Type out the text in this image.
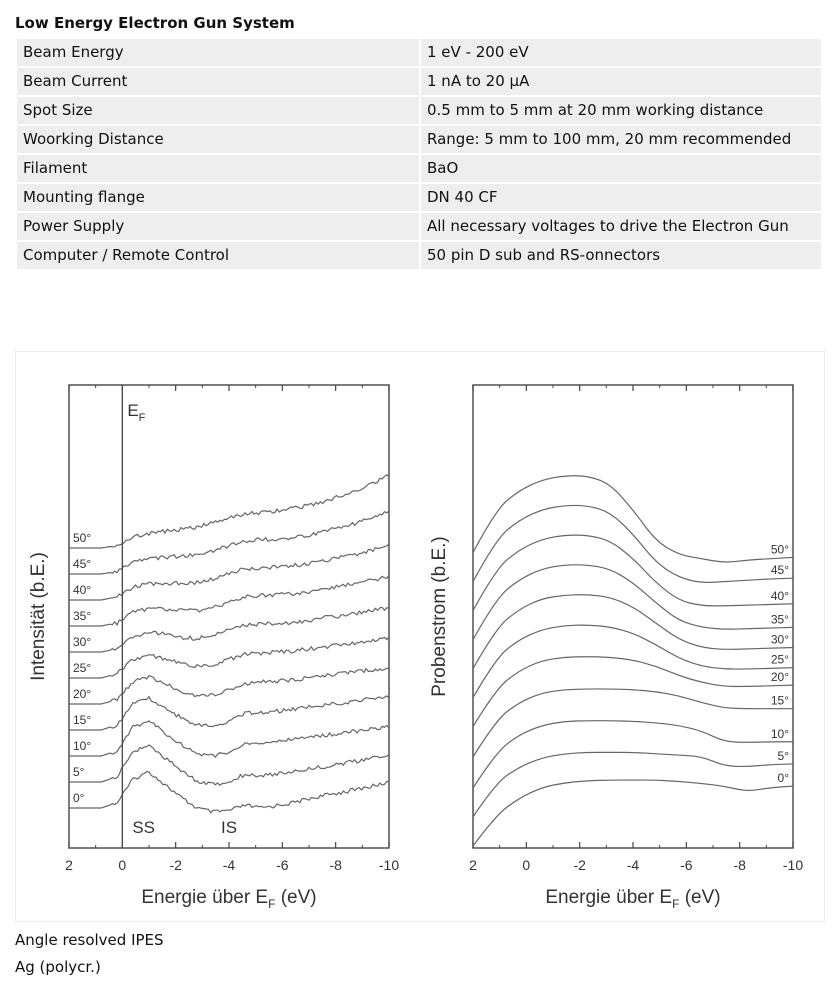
Low Energy Electron Gun System
Beam Energy	1 eV - 200 eV
Beam Current	1 nA to 20 µA
Spot Size	0.5 mm to 5 mm at 20 mm working distance
Woorking Distance	Range: 5 mm to 100 mm, 20 mm recommended
Filament	BaO
Mounting flange	DN 40 CF
Power Supply	All necessary voltages to drive the Electron Gun
Computer / Remote Control	50 pin D sub and RS-onnectors
2	0	-2	-4	-6	-8	-10
Energie über $E_F$ (eV)
Intensität (b.E.)
0°
5°
10°
15°
20°
25°
30°
35°
40°
45°
50°
$E_F$
SS	IS
2	0	-2	-4	-6	-8	-10
Energie über $E_F$ (eV)
Probenstrom (b.E.)
0°
5°
10°
15°
20°
25°
30°
35°
40°
45°
50°
Angle resolved IPES
Ag (polycr.)
